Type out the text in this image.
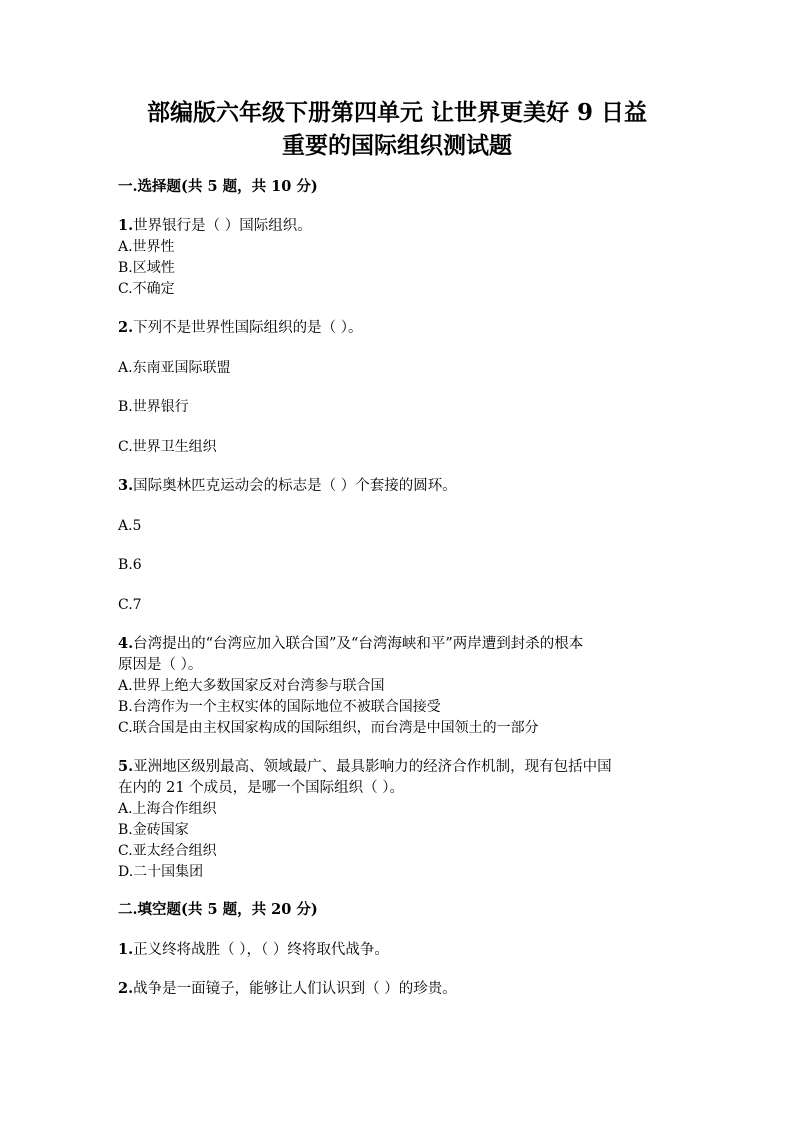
部编版六年级下册第四单元 让世界更美好 9 日益
重要的国际组织测试题
一.选择题(共 5 题，共 10 分)
1.世界银行是（ ）国际组织。
A.世界性
B.区域性
C.不确定
2.下列不是世界性国际组织的是（ ）。
A.东南亚国际联盟
B.世界银行
C.世界卫生组织
3.国际奥林匹克运动会的标志是（ ）个套接的圆环。
A.5
B.6
C.7
4.台湾提出的“台湾应加入联合国”及“台湾海峡和平”两岸遭到封杀的根本
原因是（ ）。
A.世界上绝大多数国家反对台湾参与联合国
B.台湾作为一个主权实体的国际地位不被联合国接受
C.联合国是由主权国家构成的国际组织，而台湾是中国领土的一部分
5.亚洲地区级别最高、领域最广、最具影响力的经济合作机制，现有包括中国
在内的 21 个成员，是哪一个国际组织（ ）。
A.上海合作组织
B.金砖国家
C.亚太经合组织
D.二十国集团
二.填空题(共 5 题，共 20 分)
1.正义终将战胜（ ），（ ）终将取代战争。
2.战争是一面镜子，能够让人们认识到（ ）的珍贵。
